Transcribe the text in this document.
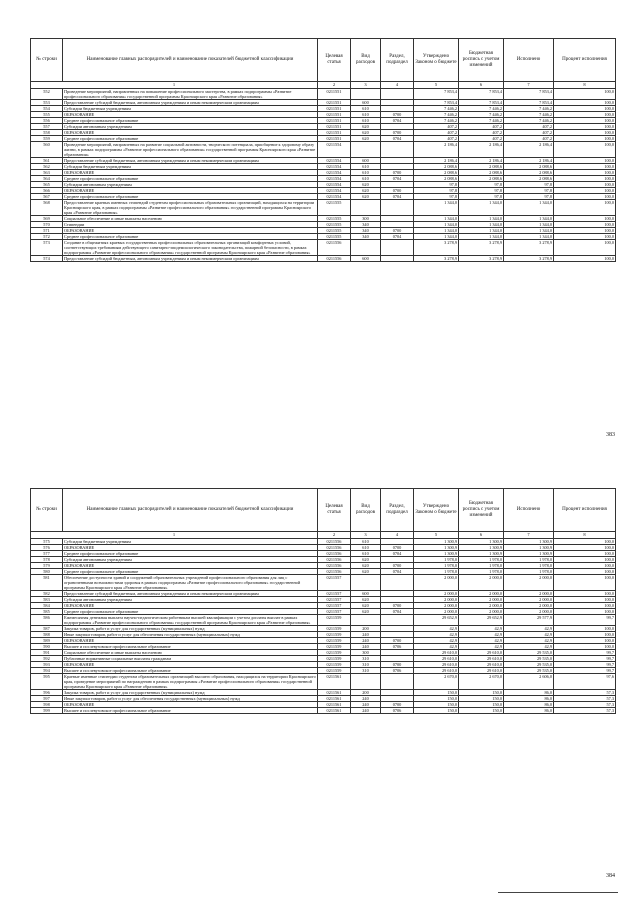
№ строки	Наименование главных распорядителей и наименование показателей бюджетной классификации	Целевая статья	Вид расходов	Раздел, подраздел	Утверждено Законом о бюджете	Бюджетная роспись с учетом изменений	Исполнено	Процент исполнения
1		2	3	4	5	6	7	8
552	Проведение мероприятий, направленных на повышение профессионального мастерства, в рамках подпрограммы «Развитие профессионального образования» государственной программы Красноярского края «Развитие образования»	0211551			7 853,4	7 853,4	7 853,4	100,0
553	Предоставление субсидий бюджетным, автономным учреждениям и иным некоммерческим организациям	0211551	600		7 853,4	7 853,4	7 853,4	100,0
554	Субсидии бюджетным учреждениям	0211551	610		7 446,2	7 446,2	7 446,2	100,0
555	ОБРАЗОВАНИЕ	0211551	610	0700	7 446,2	7 446,2	7 446,2	100,0
556	Среднее профессиональное образование	0211551	610	0704	7 446,2	7 446,2	7 446,2	100,0
557	Субсидии автономным учреждениям	0211551	620		407,2	407,2	407,2	100,0
558	ОБРАЗОВАНИЕ	0211551	620	0700	407,2	407,2	407,2	100,0
559	Среднее профессиональное образование	0211551	620	0704	407,2	407,2	407,2	100,0
560	Проведение мероприятий, направленных на развитие социальной активности, творческого потенциала, приобщение к здоровому образу жизни, в рамках подпрограммы «Развитие профессионального образования» государственной программы Красноярского края «Развитие образования»	0211554			2 186,4	2 186,4	2 186,4	100,0
561	Предоставление субсидий бюджетным, автономным учреждениям и иным некоммерческим организациям	0211554	600		2 186,4	2 186,4	2 186,4	100,0
562	Субсидии бюджетным учреждениям	0211554	610		2 088,6	2 088,6	2 088,6	100,0
563	ОБРАЗОВАНИЕ	0211554	610	0700	2 088,6	2 088,6	2 088,6	100,0
564	Среднее профессиональное образование	0211554	610	0704	2 088,6	2 088,6	2 088,6	100,0
565	Субсидии автономным учреждениям	0211554	620		97,8	97,8	97,8	100,0
566	ОБРАЗОВАНИЕ	0211554	620	0700	97,8	97,8	97,8	100,0
567	Среднее профессиональное образование	0211554	620	0704	97,8	97,8	97,8	100,0
568	Предоставление краевых именных стипендий студентам профессиональных образовательных организаций, находящихся на территории Красноярского края, в рамках подпрограммы «Развитие профессионального образования» государственной программы Красноярского края «Развитие образования»	0211555			1 344,0	1 344,0	1 344,0	100,0
569	Социальное обеспечение и иные выплаты населению	0211555	300		1 344,0	1 344,0	1 344,0	100,0
570	Стипендии	0211555	340		1 344,0	1 344,0	1 344,0	100,0
571	ОБРАЗОВАНИЕ	0211555	340	0700	1 344,0	1 344,0	1 344,0	100,0
572	Среднее профессиональное образование	0211555	340	0704	1 344,0	1 344,0	1 344,0	100,0
573	Создание в общежитиях краевых государственных профессиональных образовательных организаций комфортных условий, соответствующих требованиям действующего санитарно-эпидемиологического законодательства, пожарной безопасности, в рамках подпрограммы «Развитие профессионального образования» государственной программы Красноярского края «Развитие образования»	0211556			3 278,9	3 278,9	3 278,9	100,0
574	Предоставление субсидий бюджетным, автономным учреждениям и иным некоммерческим организациям	0211556	600		3 278,9	3 278,9	3 278,9	100,0
383
№ строки	Наименование главных распорядителей и наименование показателей бюджетной классификации	Целевая статья	Вид расходов	Раздел, подраздел	Утверждено Законом о бюджете	Бюджетная роспись с учетом изменений	Исполнено	Процент исполнения
1		2	3	4	5	6	7	8
575	Субсидии бюджетным учреждениям	0211556	610		1 300,9	1 300,9	1 300,9	100,0
576	ОБРАЗОВАНИЕ	0211556	610	0700	1 300,9	1 300,9	1 300,9	100,0
577	Среднее профессиональное образование	0211556	610	0704	1 300,9	1 300,9	1 300,9	100,0
578	Субсидии автономным учреждениям	0211556	620		1 978,0	1 978,0	1 978,0	100,0
579	ОБРАЗОВАНИЕ	0211556	620	0700	1 978,0	1 978,0	1 978,0	100,0
580	Среднее профессиональное образование	0211556	620	0704	1 978,0	1 978,0	1 978,0	100,0
581	Обеспечение доступности зданий и сооружений образовательных учреждений профессионального образования для лиц с ограниченными возможностями здоровья в рамках подпрограммы «Развитие профессионального образования» государственной программы Красноярского края «Развитие образования»	0211557			2 000,0	2 000,0	2 000,0	100,0
582	Предоставление субсидий бюджетным, автономным учреждениям и иным некоммерческим организациям	0211557	600		2 000,0	2 000,0	2 000,0	100,0
583	Субсидии автономным учреждениям	0211557	620		2 000,0	2 000,0	2 000,0	100,0
584	ОБРАЗОВАНИЕ	0211557	620	0700	2 000,0	2 000,0	2 000,0	100,0
585	Среднее профессиональное образование	0211557	620	0704	2 000,0	2 000,0	2 000,0	100,0
586	Ежемесячная денежная выплата научно-педагогическим работникам высшей квалификации с учетом доплаты выплат в рамках подпрограммы «Развитие профессионального образования» государственной программы Красноярского края «Развитие образования»	0211559			29 652,9	29 652,9	29 577,9	99,7
587	Закупка товаров, работ и услуг для государственных (муниципальных) нужд	0211559	200		42,9	42,9	42,9	100,0
588	Иные закупки товаров, работ и услуг для обеспечения государственных (муниципальных) нужд	0211559	240		42,9	42,9	42,9	100,0
589	ОБРАЗОВАНИЕ	0211559	240	0700	42,9	42,9	42,9	100,0
590	Высшее и послевузовское профессиональное образование	0211559	240	0706	42,9	42,9	42,9	100,0
591	Социальное обеспечение и иные выплаты населению	0211559	300		29 610,0	29 610,0	29 535,0	99,7
592	Публичные нормативные социальные выплаты гражданам	0211559	310		29 610,0	29 610,0	29 535,0	99,7
593	ОБРАЗОВАНИЕ	0211559	310	0700	29 610,0	29 610,0	29 535,0	99,7
594	Высшее и послевузовское профессиональное образование	0211559	310	0706	29 610,0	29 610,0	29 535,0	99,7
595	Краевые именные стипендии студентам образовательных организаций высшего образования, находящихся на территории Красноярского края, проведение мероприятий по награждению в рамках подпрограммы «Развитие профессионального образования» государственной программы Красноярского края «Развитие образования»	0211561			2 670,0	2 670,0	2 606,0	97,6
596	Закупка товаров, работ и услуг для государственных (муниципальных) нужд	0211561	200		150,0	150,0	86,0	57,3
597	Иные закупки товаров, работ и услуг для обеспечения государственных (муниципальных) нужд	0211561	240		150,0	150,0	86,0	57,3
598	ОБРАЗОВАНИЕ	0211561	240	0700	150,0	150,0	86,0	57,3
599	Высшее и послевузовское профессиональное образование	0211561	240	0706	150,0	150,0	86,0	57,3
384
